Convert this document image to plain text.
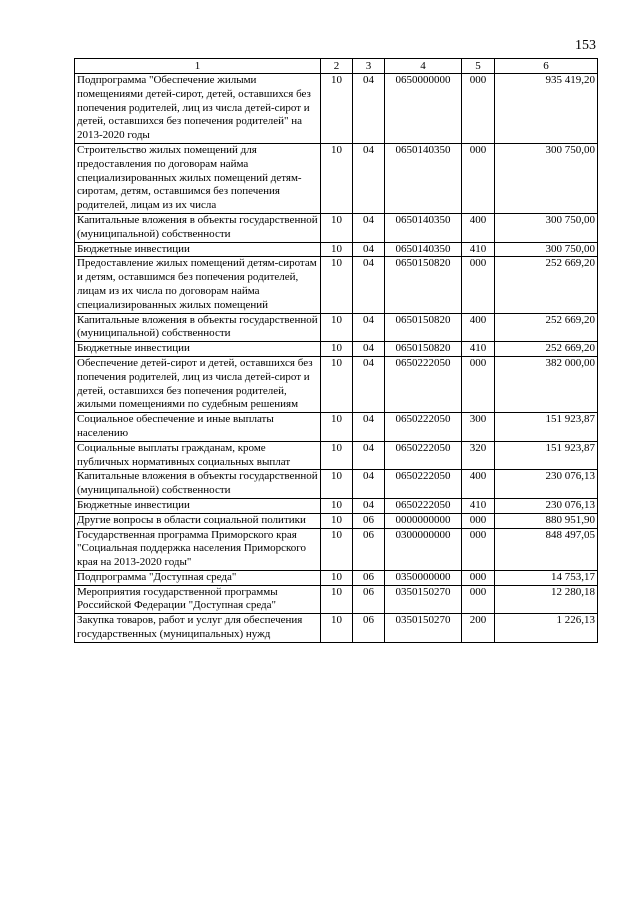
153
1	2	3	4	5	6
Подпрограмма "Обеспечение жилыми помещениями детей-сирот, детей, оставшихся без попечения родителей, лиц из числа детей-сирот и детей, оставшихся без попечения родителей" на 2013-2020 годы	10	04	0650000000	000	935 419,20
Строительство жилых помещений для предоставления по договорам найма специализированных жилых помещений детям-сиротам, детям, оставшимся без попечения родителей, лицам из их числа	10	04	0650140350	000	300 750,00
Капитальные вложения в объекты государственной (муниципальной) собственности	10	04	0650140350	400	300 750,00
Бюджетные инвестиции	10	04	0650140350	410	300 750,00
Предоставление жилых помещений детям-сиротам и детям, оставшимся без попечения родителей, лицам из их числа по договорам найма специализированных жилых помещений	10	04	0650150820	000	252 669,20
Капитальные вложения в объекты государственной (муниципальной) собственности	10	04	0650150820	400	252 669,20
Бюджетные инвестиции	10	04	0650150820	410	252 669,20
Обеспечение детей-сирот и детей, оставшихся без попечения родителей, лиц из числа детей-сирот и детей, оставшихся без попечения родителей, жилыми помещениями по судебным решениям	10	04	0650222050	000	382 000,00
Социальное обеспечение и иные выплаты населению	10	04	0650222050	300	151 923,87
Социальные выплаты гражданам, кроме публичных нормативных социальных выплат	10	04	0650222050	320	151 923,87
Капитальные вложения в объекты государственной (муниципальной) собственности	10	04	0650222050	400	230 076,13
Бюджетные инвестиции	10	04	0650222050	410	230 076,13
Другие вопросы в области социальной политики	10	06	0000000000	000	880 951,90
Государственная программа Приморского края "Социальная поддержка населения Приморского края на 2013-2020 годы"	10	06	0300000000	000	848 497,05
Подпрограмма "Доступная среда"	10	06	0350000000	000	14 753,17
Мероприятия государственной программы Российской Федерации "Доступная среда"	10	06	0350150270	000	12 280,18
Закупка товаров, работ и услуг для обеспечения государственных (муниципальных) нужд	10	06	0350150270	200	1 226,13
